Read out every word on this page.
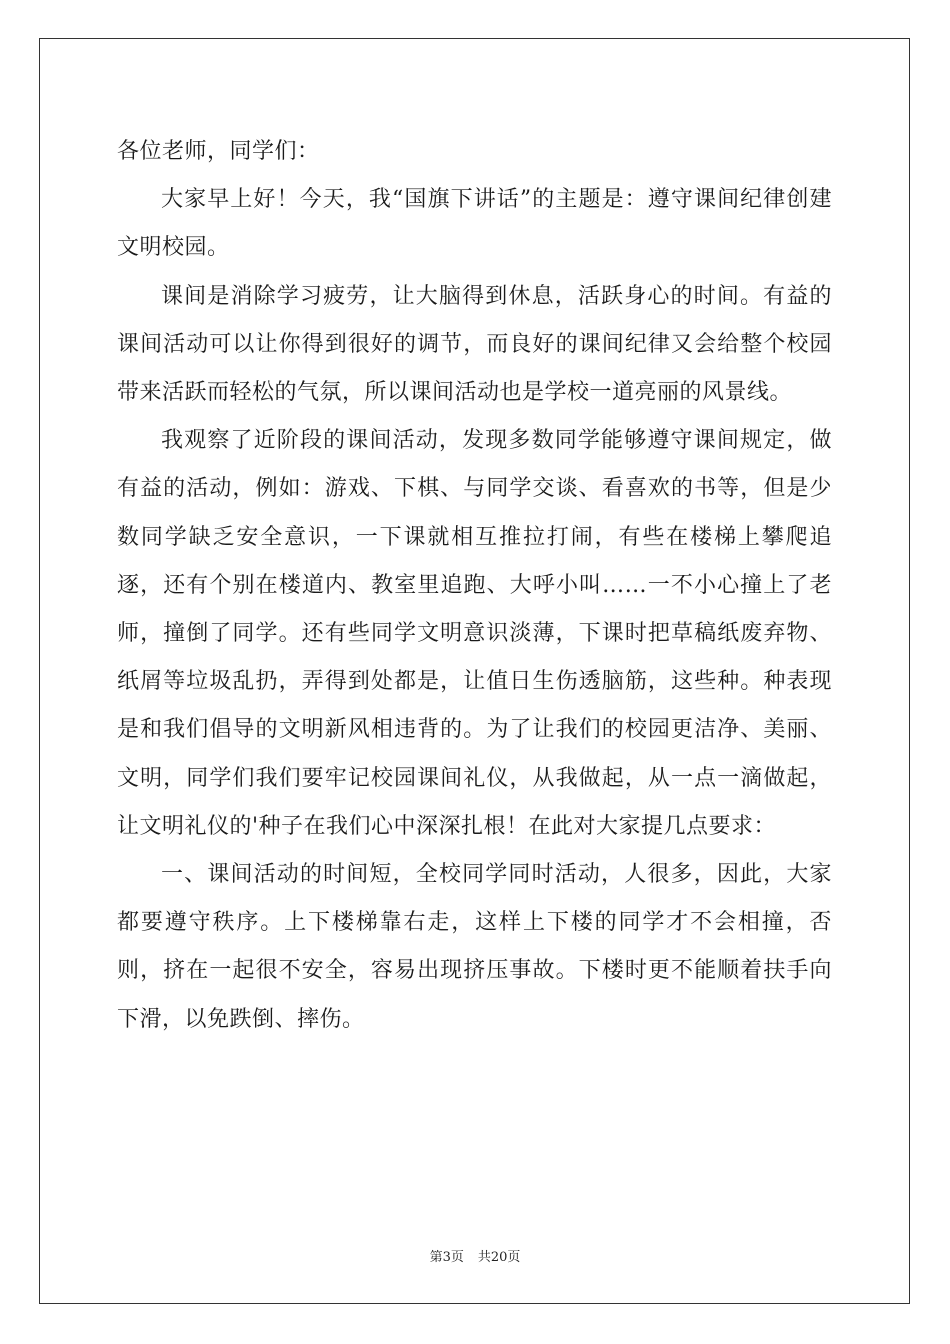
各位老师，同学们：

大家早上好！今天，我“国旗下讲话”的主题是：遵守课间纪律创建文明校园。

课间是消除学习疲劳，让大脑得到休息，活跃身心的时间。有益的课间活动可以让你得到很好的调节，而良好的课间纪律又会给整个校园带来活跃而轻松的气氛，所以课间活动也是学校一道亮丽的风景线。

我观察了近阶段的课间活动，发现多数同学能够遵守课间规定，做有益的活动，例如：游戏、下棋、与同学交谈、看喜欢的书等，但是少数同学缺乏安全意识，一下课就相互推拉打闹，有些在楼梯上攀爬追逐，还有个别在楼道内、教室里追跑、大呼小叫……一不小心撞上了老师，撞倒了同学。还有些同学文明意识淡薄，下课时把草稿纸废弃物、纸屑等垃圾乱扔，弄得到处都是，让值日生伤透脑筋，这些种。种表现是和我们倡导的文明新风相违背的。为了让我们的校园更洁净、美丽、文明，同学们我们要牢记校园课间礼仪，从我做起，从一点一滴做起，让文明礼仪的'种子在我们心中深深扎根！在此对大家提几点要求：

一、课间活动的时间短，全校同学同时活动，人很多，因此，大家都要遵守秩序。上下楼梯靠右走，这样上下楼的同学才不会相撞，否则，挤在一起很不安全，容易出现挤压事故。下楼时更不能顺着扶手向下滑，以免跌倒、摔伤。

第3页 共20页
